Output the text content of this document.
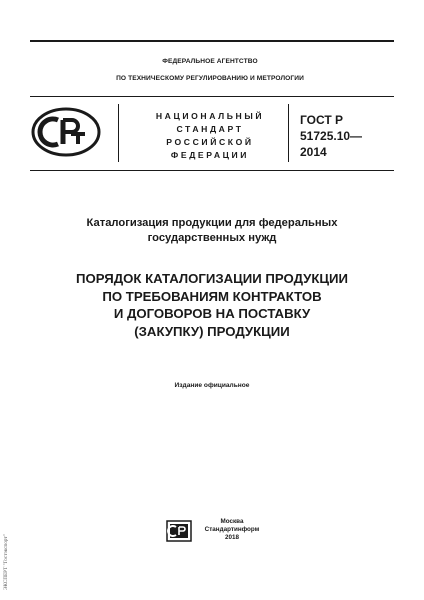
ФЕДЕРАЛЬНОЕ АГЕНТСТВО
ПО ТЕХНИЧЕСКОМУ РЕГУЛИРОВАНИЮ И МЕТРОЛОГИИ
НАЦИОНАЛЬНЫЙ
СТАНДАРТ
РОССИЙСКОЙ
ФЕДЕРАЦИИ
ГОСТ Р
51725.10—
2014
Каталогизация продукции для федеральных
государственных нужд
ПОРЯДОК КАТАЛОГИЗАЦИИ ПРОДУКЦИИ
ПО ТРЕБОВАНИЯМ КОНТРАКТОВ
И ДОГОВОРОВ НА ПОСТАВКУ
(ЗАКУПКУ) ПРОДУКЦИИ
Издание официальное
Москва
Стандартинформ
2018
ЭКСПЕРТ "Гостэкспорт"
